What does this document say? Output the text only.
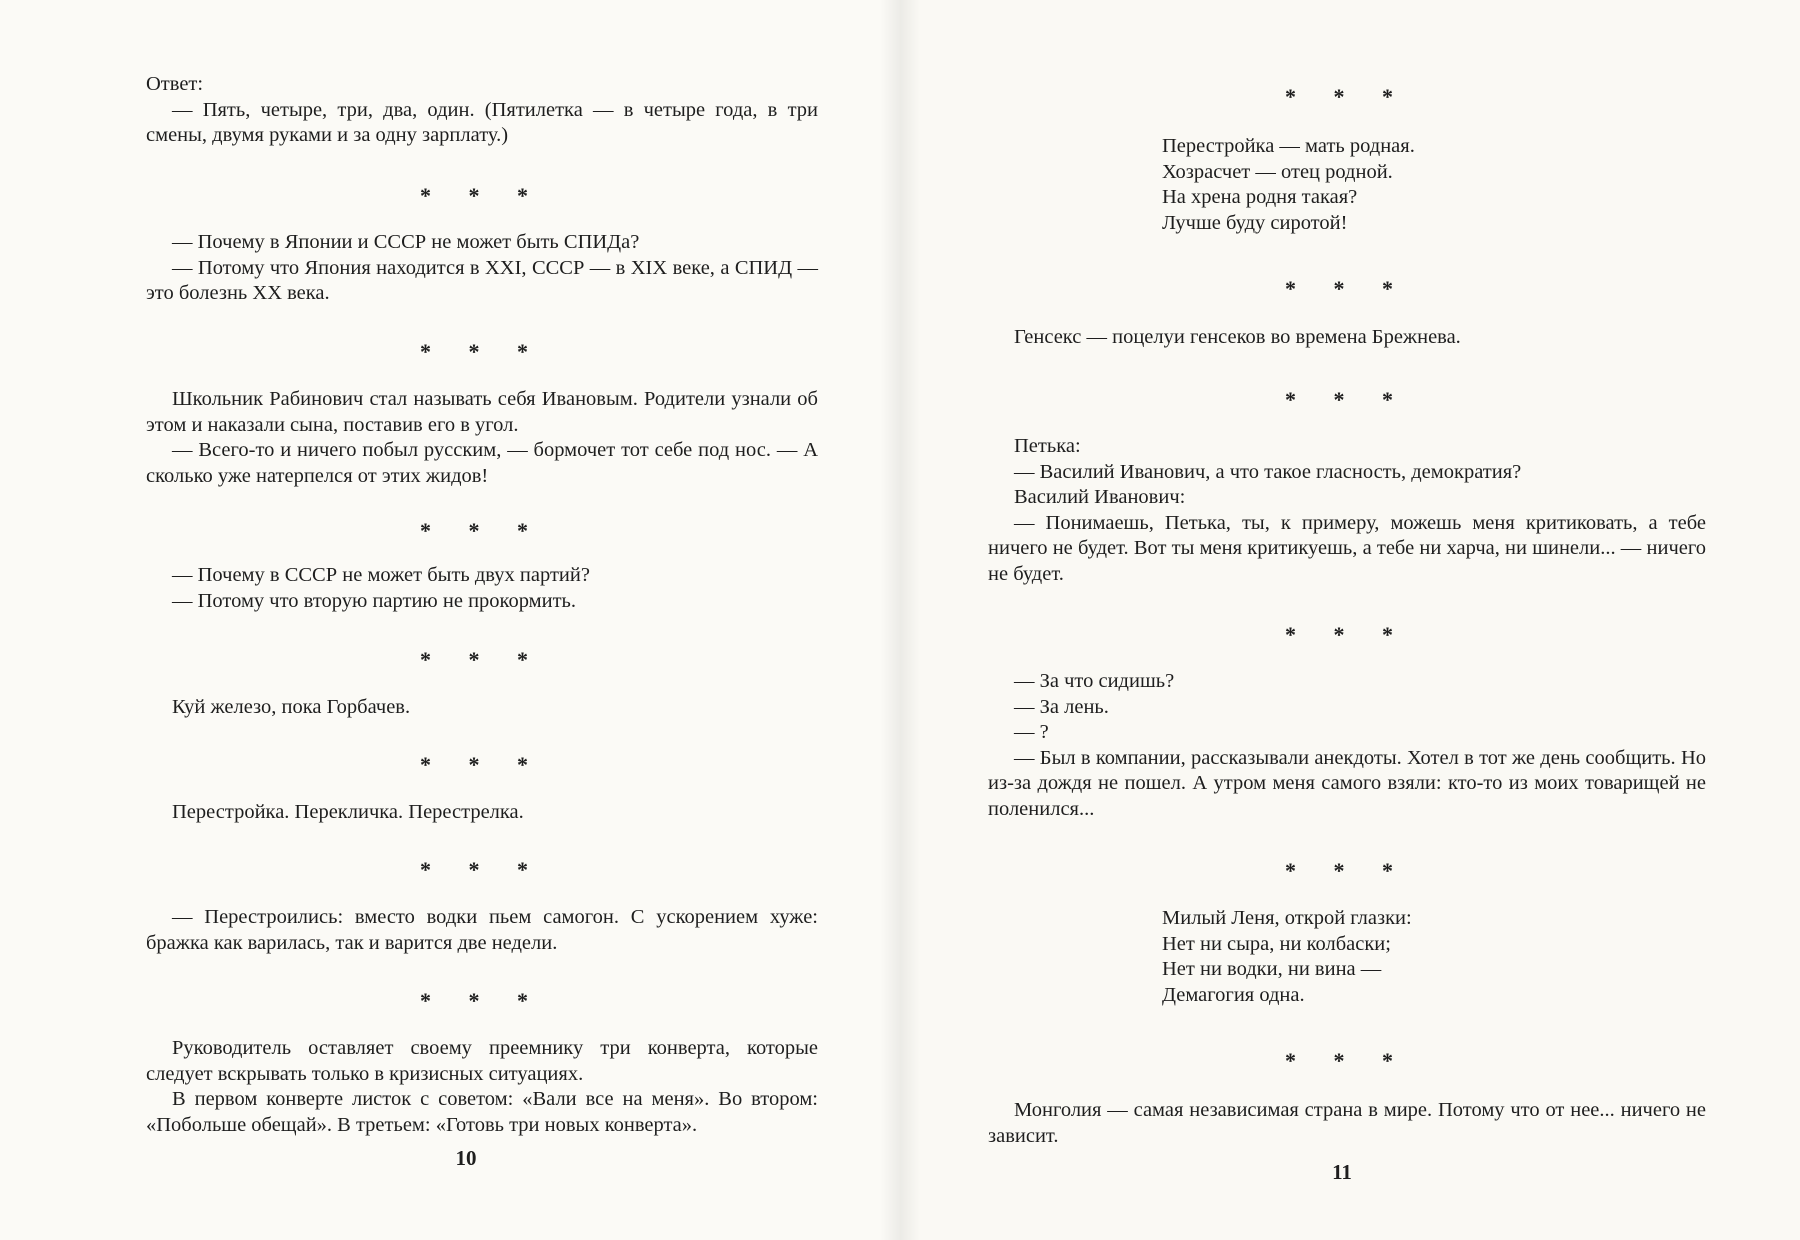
Ответ:

— Пять, четыре, три, два, один. (Пятилетка — в четыре года, в три смены, двумя руками и за одну зарплату.)

* * *

— Почему в Японии и СССР не может быть СПИДа?

— Потому что Япония находится в XXI, СССР — в XIX веке, а СПИД — это болезнь XX века.

* * *

Школьник Рабинович стал называть себя Ивановым. Родители узнали об этом и наказали сына, поставив его в угол.

— Всего-то и ничего побыл русским, — бормочет тот себе под нос. — А сколько уже натерпелся от этих жидов!

* * *

— Почему в СССР не может быть двух партий?

— Потому что вторую партию не прокормить.

* * *

Куй железо, пока Горбачев.

* * *

Перестройка. Перекличка. Перестрелка.

* * *

— Перестроились: вместо водки пьем самогон. С ускорением хуже: бражка как варилась, так и варится две недели.

* * *

Руководитель оставляет своему преемнику три конверта, которые следует вскрывать только в кризисных ситуациях.

В первом конверте листок с советом: «Вали все на меня». Во втором: «Побольше обещай». В третьем: «Готовь три новых конверта».

10
* * *

Перестройка — мать родная.

Хозрасчет — отец родной.

На хрена родня такая?

Лучше буду сиротой!

* * *

Генсекс — поцелуи генсеков во времена Брежнева.

* * *

Петька:

— Василий Иванович, а что такое гласность, демократия?

Василий Иванович:

— Понимаешь, Петька, ты, к примеру, можешь меня критиковать, а тебе ничего не будет. Вот ты меня критикуешь, а тебе ни харча, ни шинели... — ничего не будет.

* * *

— За что сидишь?

— За лень.

— ?

— Был в компании, рассказывали анекдоты. Хотел в тот же день сообщить. Но из-за дождя не пошел. А утром меня самого взяли: кто-то из моих товарищей не поленился...

* * *

Милый Леня, открой глазки:

Нет ни сыра, ни колбаски;

Нет ни водки, ни вина —

Демагогия одна.

* * *

Монголия — самая независимая страна в мире. Потому что от нее... ничего не зависит.

11
